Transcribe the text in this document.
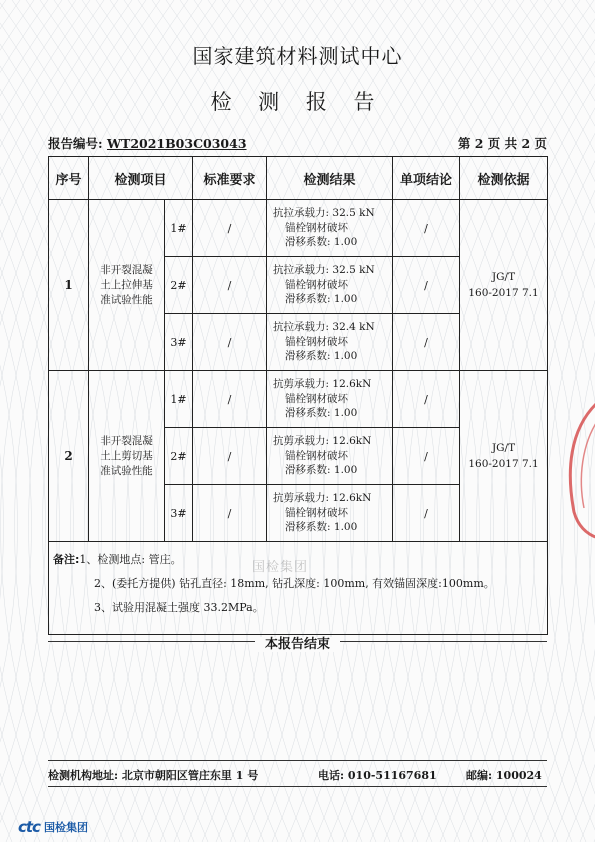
国家建筑材料测试中心
检 测 报 告
报告编号: WT2021B03C03043	第 2 页 共 2 页
序号	检测项目		标准要求	检测结果	单项结论	检测依据
1	非开裂混凝土上拉伸基准试验性能	1#	/	抗拉承载力: 32.5 kN
锚栓钢材破坏
滑移系数: 1.00	/	JG/T
160-2017 7.1
		2#	/	抗拉承载力: 32.5 kN
锚栓钢材破坏
滑移系数: 1.00	/	
		3#	/	抗拉承载力: 32.4 kN
锚栓钢材破坏
滑移系数: 1.00	/	
2	非开裂混凝土上剪切基准试验性能	1#	/	抗剪承载力: 12.6kN
锚栓钢材破坏
滑移系数: 1.00	/	JG/T
160-2017 7.1
		2#	/	抗剪承载力: 12.6kN
锚栓钢材破坏
滑移系数: 1.00	/	
		3#	/	抗剪承载力: 12.6kN
锚栓钢材破坏
滑移系数: 1.00	/	
备注:1、检测地点: 管庄。
2、(委托方提供) 钻孔直径: 18mm, 钻孔深度: 100mm, 有效锚固深度:100mm。
3、试验用混凝土强度 33.2MPa。						
国检集团
本报告结束
检测机构地址: 北京市朝阳区管庄东里 1 号	电话: 010-51167681	邮编: 100024
ctc 国检集团
